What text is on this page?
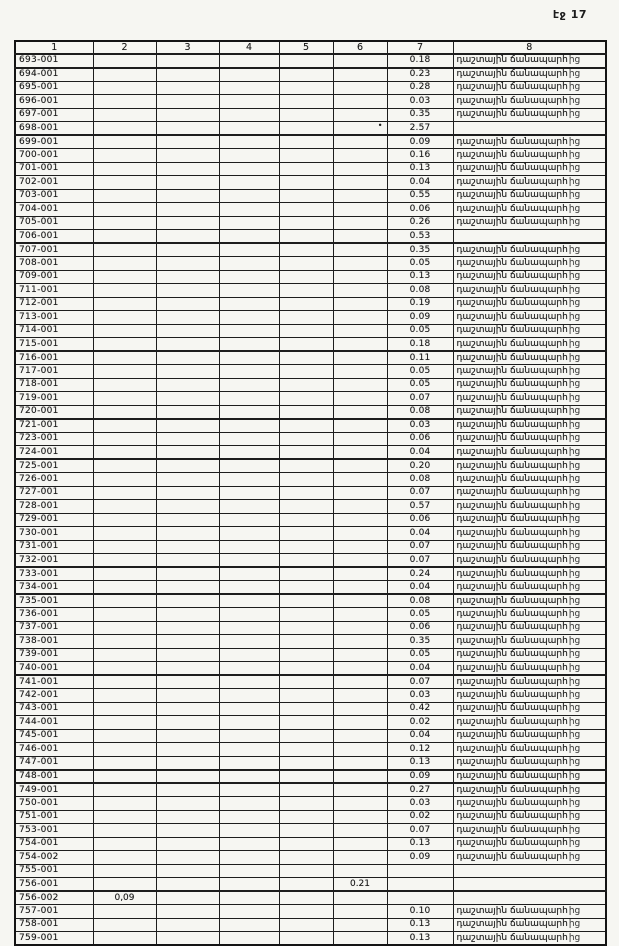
էջ 17
1	2	3	4	5	6	7	8
693-001						0.18	դաշտային ճանապարհից
694-001						0.23	դաշտային ճանապարհից
695-001						0.28	դաշտային ճանապարհից
696-001						0.03	դաշտային ճանապարհից
697-001						0.35	դաշտային ճանապարհից
698-001					•	2.57	
699-001						0.09	դաշտային ճանապարհից
700-001						0.16	դաշտային ճանապարհից
701-001						0.13	դաշտային ճանապարհից
702-001						0.04	դաշտային ճանապարհից
703-001						0.55	դաշտային ճանապարհից
704-001						0.06	դաշտային ճանապարհից
705-001						0.26	դաշտային ճանապարհից
706-001						0.53	
707-001						0.35	դաշտային ճանապարհից
708-001						0.05	դաշտային ճանապարհից
709-001						0.13	դաշտային ճանապարհից
711-001						0.08	դաշտային ճանապարհից
712-001						0.19	դաշտային ճանապարհից
713-001						0.09	դաշտային ճանապարհից
714-001						0.05	դաշտային ճանապարհից
715-001						0.18	դաշտային ճանապարհից
716-001						0.11	դաշտային ճանապարհից
717-001						0.05	դաշտային ճանապարհից
718-001						0.05	դաշտային ճանապարհից
719-001						0.07	դաշտային ճանապարհից
720-001						0.08	դաշտային ճանապարհից
721-001						0.03	դաշտային ճանապարհից
723-001						0.06	դաշտային ճանապարհից
724-001						0.04	դաշտային ճանապարհից
725-001						0.20	դաշտային ճանապարհից
726-001						0.08	դաշտային ճանապարհից
727-001						0.07	դաշտային ճանապարհից
728-001						0.57	դաշտային ճանապարհից
729-001						0.06	դաշտային ճանապարհից
730-001						0.04	դաշտային ճանապարհից
731-001						0.07	դաշտային ճանապարհից
732-001						0.07	դաշտային ճանապարհից
733-001						0.24	դաշտային ճանապարհից
734-001						0.04	դաշտային ճանապարհից
735-001						0.08	դաշտային ճանապարհից
736-001						0.05	դաշտային ճանապարհից
737-001						0.06	դաշտային ճանապարհից
738-001						0.35	դաշտային ճանապարհից
739-001						0.05	դաշտային ճանապարհից
740-001						0.04	դաշտային ճանապարհից
741-001						0.07	դաշտային ճանապարհից
742-001						0.03	դաշտային ճանապարհից
743-001						0.42	դաշտային ճանապարհից
744-001						0.02	դաշտային ճանապարհից
745-001						0.04	դաշտային ճանապարհից
746-001						0.12	դաշտային ճանապարհից
747-001						0.13	դաշտային ճանապարհից
748-001						0.09	դաշտային ճանապարհից
749-001						0.27	դաշտային ճանապարհից
750-001						0.03	դաշտային ճանապարհից
751-001						0.02	դաշտային ճանապարհից
753-001						0.07	դաշտային ճանապարհից
754-001						0.13	դաշտային ճանապարհից
754-002						0.09	դաշտային ճանապարհից
755-001							
756-001					0.21		
756-002	0,09						
757-001						0.10	դաշտային ճանապարհից
758-001						0.13	դաշտային ճանապարհից
759-001						0.13	դաշտային ճանապարհից
